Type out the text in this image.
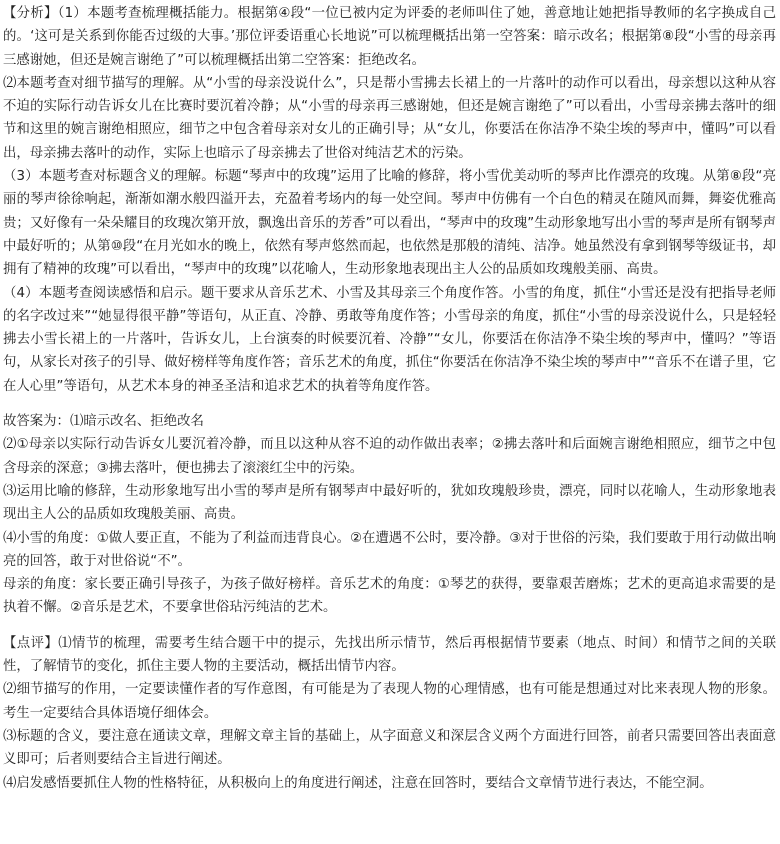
【分析】（1）本题考查梳理概括能力。根据第④段“一位已被内定为评委的老师叫住了她，善意地让她把指导教师的名字换成自己的。‘这可是关系到你能否过级的大事。’那位评委语重心长地说”可以梳理概括出第一空答案：暗示改名；根据第⑧段“小雪的母亲再三感谢她，但还是婉言谢绝了”可以梳理概括出第二空答案：拒绝改名。

⑵本题考查对细节描写的理解。从“小雪的母亲没说什么”，只是帮小雪拂去长裙上的一片落叶的动作可以看出，母亲想以这种从容不迫的实际行动告诉女儿在比赛时要沉着冷静；从“小雪的母亲再三感谢她，但还是婉言谢绝了”可以看出，小雪母亲拂去落叶的细节和这里的婉言谢绝相照应，细节之中包含着母亲对女儿的正确引导；从“女儿，你要活在你洁净不染尘埃的琴声中，懂吗”可以看出，母亲拂去落叶的动作，实际上也暗示了母亲拂去了世俗对纯洁艺术的污染。

（3）本题考查对标题含义的理解。标题“琴声中的玫瑰”运用了比喻的修辞，将小雪优美动听的琴声比作漂亮的玫瑰。从第⑧段“亮丽的琴声徐徐响起，渐渐如潮水般四溢开去，充盈着考场内的每一处空间。琴声中仿佛有一个白色的精灵在随风而舞，舞姿优雅高贵；又好像有一朵朵耀目的玫瑰次第开放，飘逸出音乐的芳香”可以看出，“琴声中的玫瑰”生动形象地写出小雪的琴声是所有钢琴声中最好听的；从第⑩段“在月光如水的晚上，依然有琴声悠然而起，也依然是那般的清纯、洁净。她虽然没有拿到钢琴等级证书，却拥有了精神的玫瑰”可以看出，“琴声中的玫瑰”以花喻人，生动形象地表现出主人公的品质如玫瑰般美丽、高贵。

（4）本题考查阅读感悟和启示。题干要求从音乐艺术、小雪及其母亲三个角度作答。小雪的角度，抓住“小雪还是没有把指导老师的名字改过来”“她显得很平静”等语句，从正直、冷静、勇敢等角度作答；小雪母亲的角度，抓住“小雪的母亲没说什么，只是轻轻拂去小雪长裙上的一片落叶，告诉女儿，上台演奏的时候要沉着、冷静”“女儿，你要活在你洁净不染尘埃的琴声中，懂吗？”等语句，从家长对孩子的引导、做好榜样等角度作答；音乐艺术的角度，抓住“你要活在你洁净不染尘埃的琴声中”“音乐不在谱子里，它在人心里”等语句，从艺术本身的神圣圣洁和追求艺术的执着等角度作答。

故答案为：⑴暗示改名、拒绝改名

⑵①母亲以实际行动告诉女儿要沉着冷静，而且以这种从容不迫的动作做出表率；②拂去落叶和后面婉言谢绝相照应，细节之中包含母亲的深意；③拂去落叶，便也拂去了滚滚红尘中的污染。

⑶运用比喻的修辞，生动形象地写出小雪的琴声是所有钢琴声中最好听的，犹如玫瑰般珍贵，漂亮，同时以花喻人，生动形象地表现出主人公的品质如玫瑰般美丽、高贵。

⑷小雪的角度：①做人要正直，不能为了利益而违背良心。②在遭遇不公时，要冷静。③对于世俗的污染，我们要敢于用行动做出响亮的回答，敢于对世俗说“不”。

母亲的角度：家长要正确引导孩子，为孩子做好榜样。音乐艺术的角度：①琴艺的获得，要靠艰苦磨炼；艺术的更高追求需要的是执着不懈。②音乐是艺术，不要拿世俗玷污纯洁的艺术。

【点评】⑴情节的梳理，需要考生结合题干中的提示，先找出所示情节，然后再根据情节要素（地点、时间）和情节之间的关联性，了解情节的变化，抓住主要人物的主要活动，概括出情节内容。

⑵细节描写的作用，一定要读懂作者的写作意图，有可能是为了表现人物的心理情感，也有可能是想通过对比来表现人物的形象。考生一定要结合具体语境仔细体会。

⑶标题的含义，要注意在通读文章，理解文章主旨的基础上，从字面意义和深层含义两个方面进行回答，前者只需要回答出表面意义即可；后者则要结合主旨进行阐述。

⑷启发感悟要抓住人物的性格特征，从积极向上的角度进行阐述，注意在回答时，要结合文章情节进行表达，不能空洞。
